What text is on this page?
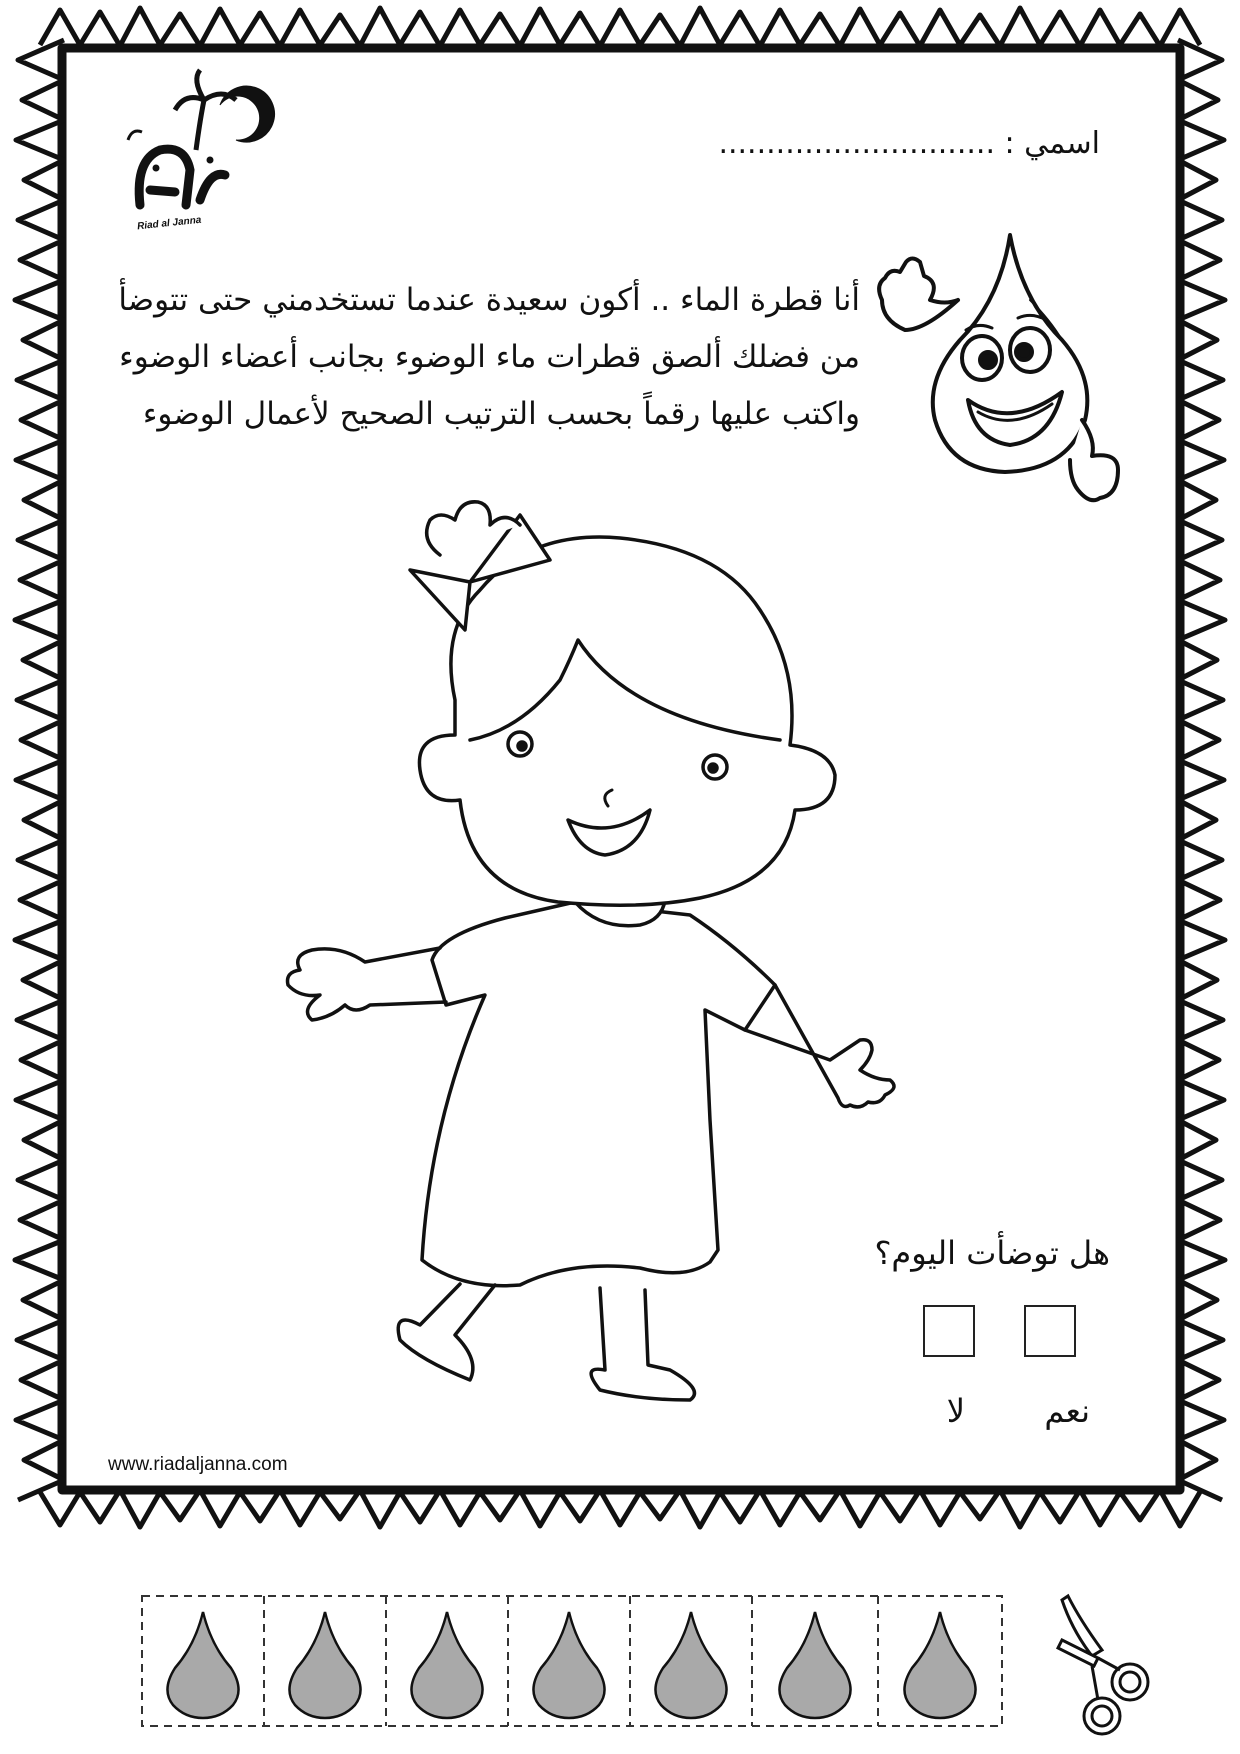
اسمي : .............................
Riad al Janna
أنا قطرة الماء .. أكون سعيدة عندما تستخدمني حتى تتوضأ
من فضلك ألصق قطرات ماء الوضوء بجانب أعضاء الوضوء
واكتب عليها رقماً بحسب الترتيب الصحيح لأعمال الوضوء
هل توضأت اليوم؟
نعم
لا
www.riadaljanna.com
